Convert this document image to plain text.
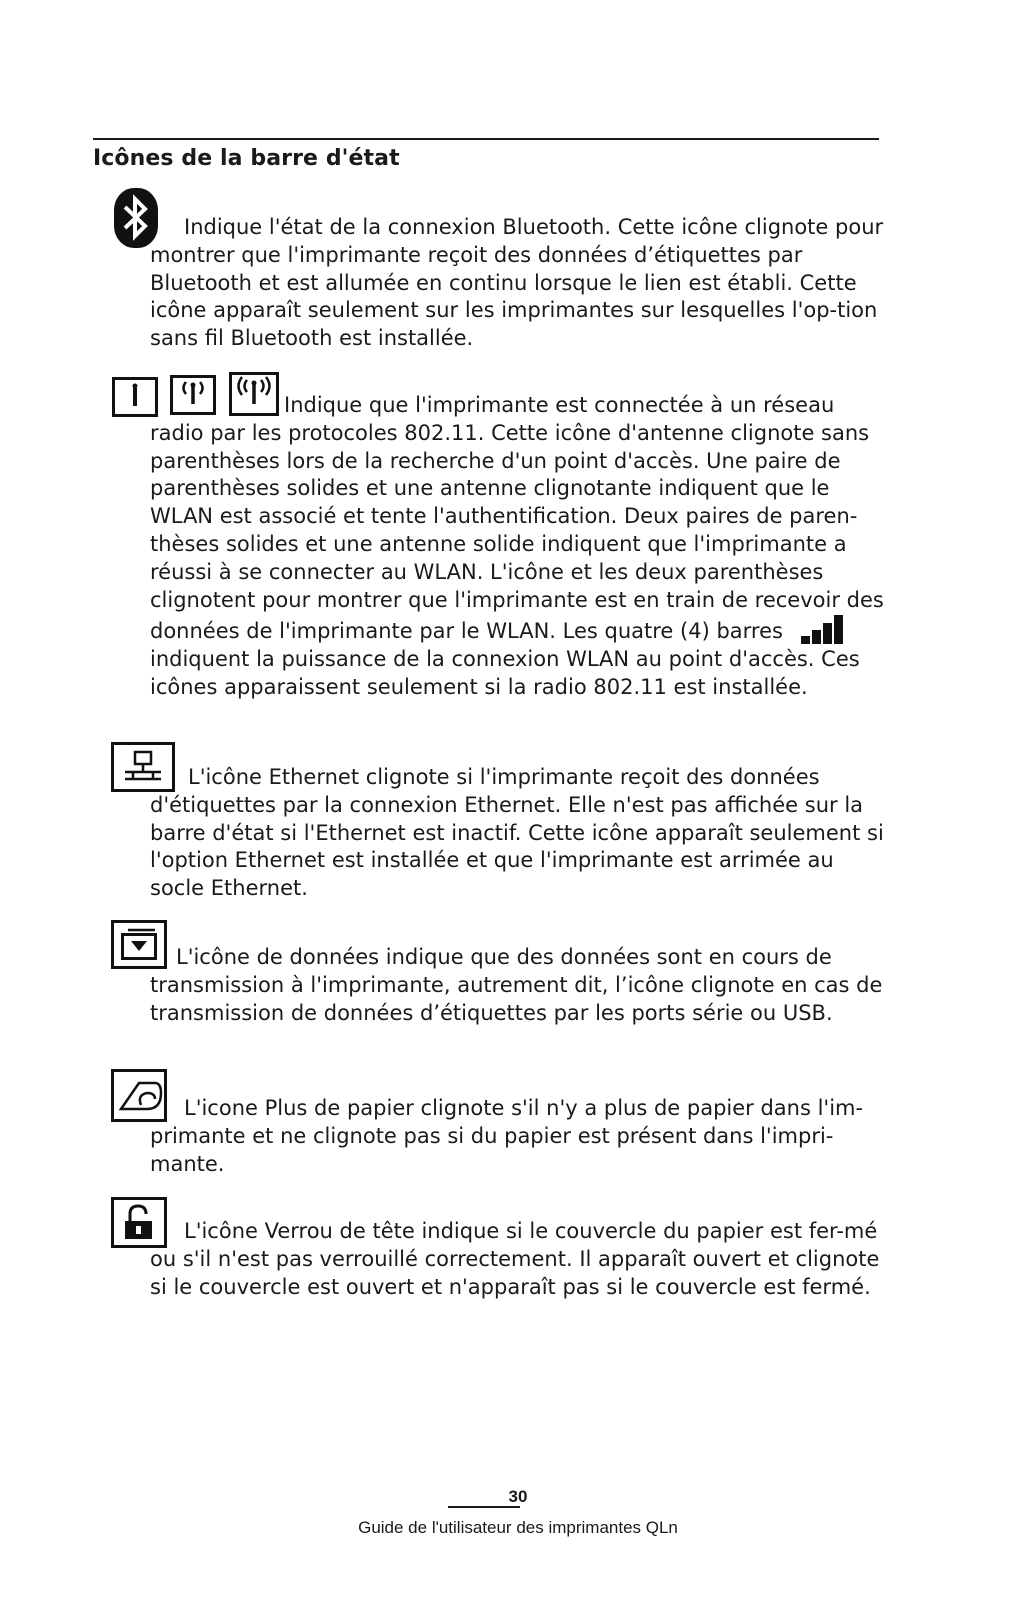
Icônes de la barre d'état
Indique l'état de la connexion Bluetooth. Cette icône clignote pour montrer que l'imprimante reçoit des données d’étiquettes par Bluetooth et est allumée en continu lorsque le lien est établi. Cette icône apparaît seulement sur les imprimantes sur lesquelles l'op-tion sans fil Bluetooth est installée.
Indique que l'imprimante est connectée à un réseau radio par les protocoles 802.11. Cette icône d'antenne clignote sans parenthèses lors de la recherche d'un point d'accès. Une paire de parenthèses solides et une antenne clignotante indiquent que le WLAN est associé et tente l'authentification. Deux paires de paren-thèses solides et une antenne solide indiquent que l'imprimante a réussi à se connecter au WLAN. L'icône et les deux parenthèses clignotent pour montrer que l'imprimante est en train de recevoir des données de l'imprimante par le WLAN. Les quatre (4) barresindiquent la puissance de la connexion WLAN au point d'accès. Ces icônes apparaissent seulement si la radio 802.11 est installée.
L'icône Ethernet clignote si l'imprimante reçoit des données d'étiquettes par la connexion Ethernet. Elle n'est pas affichée sur la barre d'état si l'Ethernet est inactif. Cette icône apparaît seulement si l'option Ethernet est installée et que l'imprimante est arrimée au socle Ethernet.
L'icône de données indique que des données sont en cours de transmission à l'imprimante, autrement dit, l’icône clignote en cas de transmission de données d’étiquettes par les ports série ou USB.
L'icone Plus de papier clignote s'il n'y a plus de papier dans l'im-primante et ne clignote pas si du papier est présent dans l'impri-mante.
L'icône Verrou de tête indique si le couvercle du papier est fer-mé ou s'il n'est pas verrouillé correctement. Il apparaît ouvert et clignote si le couvercle est ouvert et n'apparaît pas si le couvercle est fermé.
30
Guide de l'utilisateur des imprimantes QLn
